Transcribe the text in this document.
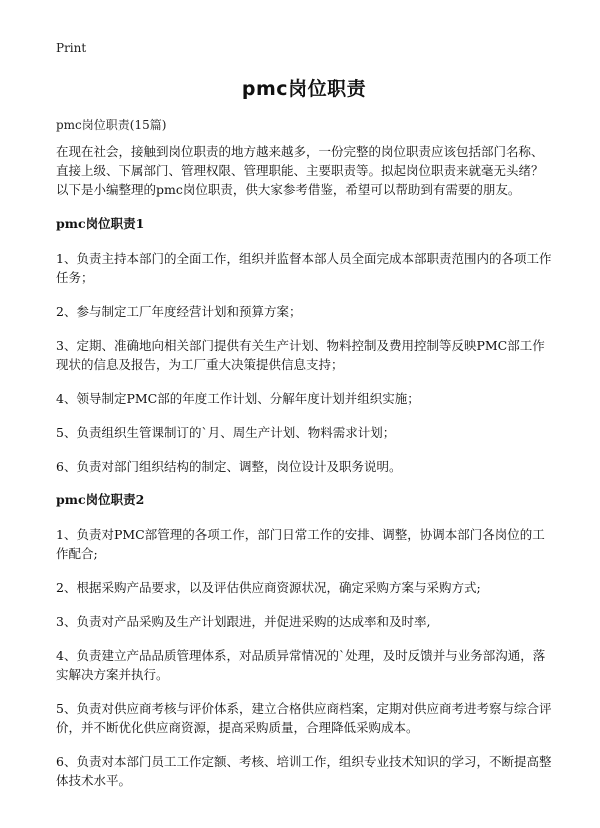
Print
pmc岗位职责
pmc岗位职责(15篇)

在现在社会，接触到岗位职责的地方越来越多，一份完整的岗位职责应该包括部门名称、直接上级、下属部门、管理权限、管理职能、主要职责等。拟起岗位职责来就毫无头绪？以下是小编整理的pmc岗位职责，供大家参考借鉴，希望可以帮助到有需要的朋友。

pmc岗位职责1

1、负责主持本部门的全面工作，组织并监督本部人员全面完成本部职责范围内的各项工作任务；

2、参与制定工厂年度经营计划和预算方案；

3、定期、准确地向相关部门提供有关生产计划、物料控制及费用控制等反映PMC部工作现状的信息及报告，为工厂重大决策提供信息支持；

4、领导制定PMC部的年度工作计划、分解年度计划并组织实施；

5、负责组织生管课制订的`月、周生产计划、物料需求计划；

6、负责对部门组织结构的制定、调整，岗位设计及职务说明。

pmc岗位职责2

1、负责对PMC部管理的各项工作，部门日常工作的安排、调整，协调本部门各岗位的工作配合;

2、根据采购产品要求，以及评估供应商资源状况，确定采购方案与采购方式;

3、负责对产品采购及生产计划跟进，并促进采购的达成率和及时率,

4、负责建立产品品质管理体系，对品质异常情况的`处理，及时反馈并与业务部沟通，落实解决方案并执行。

5、负责对供应商考核与评价体系，建立合格供应商档案，定期对供应商考进考察与综合评价，并不断优化供应商资源，提高采购质量，合理降低采购成本。

6、负责对本部门员工工作定额、考核、培训工作，组织专业技术知识的学习，不断提高整体技术水平。
